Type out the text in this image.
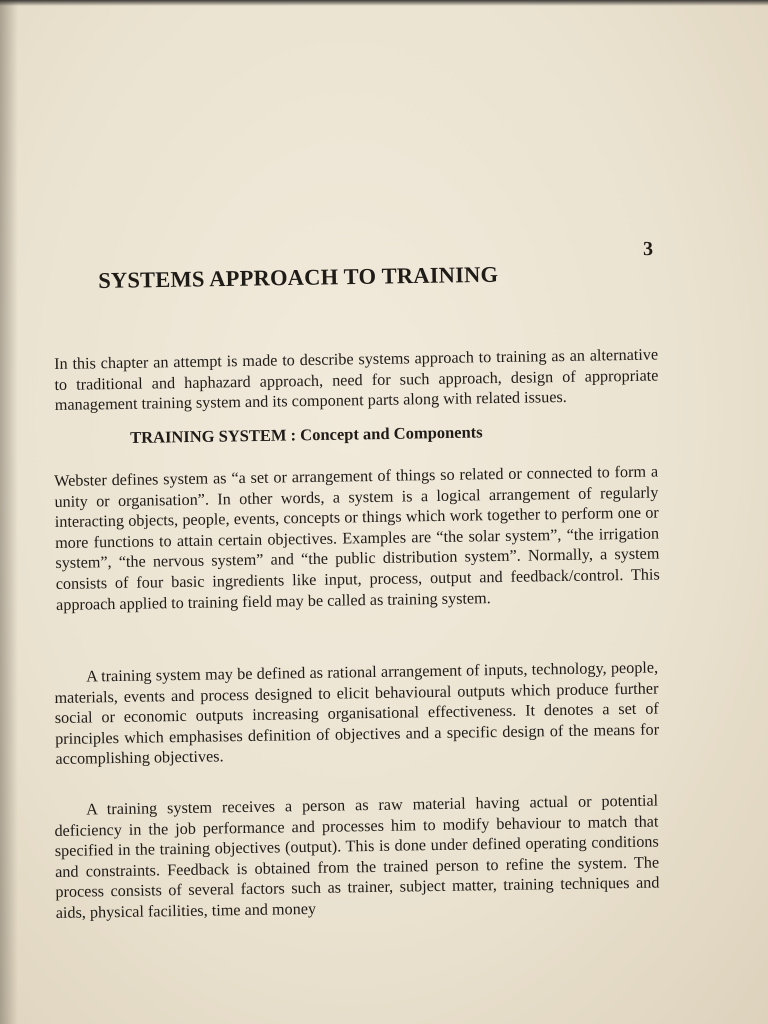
3
SYSTEMS APPROACH TO TRAINING

In this chapter an attempt is made to describe systems approach to training as an alternative to traditional and haphazard approach, need for such approach, design of appropriate management training system and its component parts along with related issues.

TRAINING SYSTEM : Concept and Components

Webster defines system as “a set or arrangement of things so related or connected to form a unity or organisation”. In other words, a system is a logical arrangement of regularly interacting objects, people, events, concepts or things which work together to perform one or more functions to attain certain objectives. Examples are “the solar system”, “the irrigation system”, “the nervous system” and “the public distribution system”. Normally, a system consists of four basic ingredients like input, process, output and feedback/control. This approach applied to training field may be called as training system.

A training system may be defined as rational arrangement of inputs, technology, people, materials, events and process designed to elicit behavioural outputs which produce further social or economic outputs increasing organisational effectiveness. It denotes a set of principles which emphasises definition of objectives and a specific design of the means for accomplishing objectives.

A training system receives a person as raw material having actual or potential deficiency in the job performance and processes him to modify behaviour to match that specified in the training objectives (output). This is done under defined operating conditions and constraints. Feedback is obtained from the trained person to refine the system. The process consists of several factors such as trainer, subject matter, training techniques and aids, physical facilities, time and money
